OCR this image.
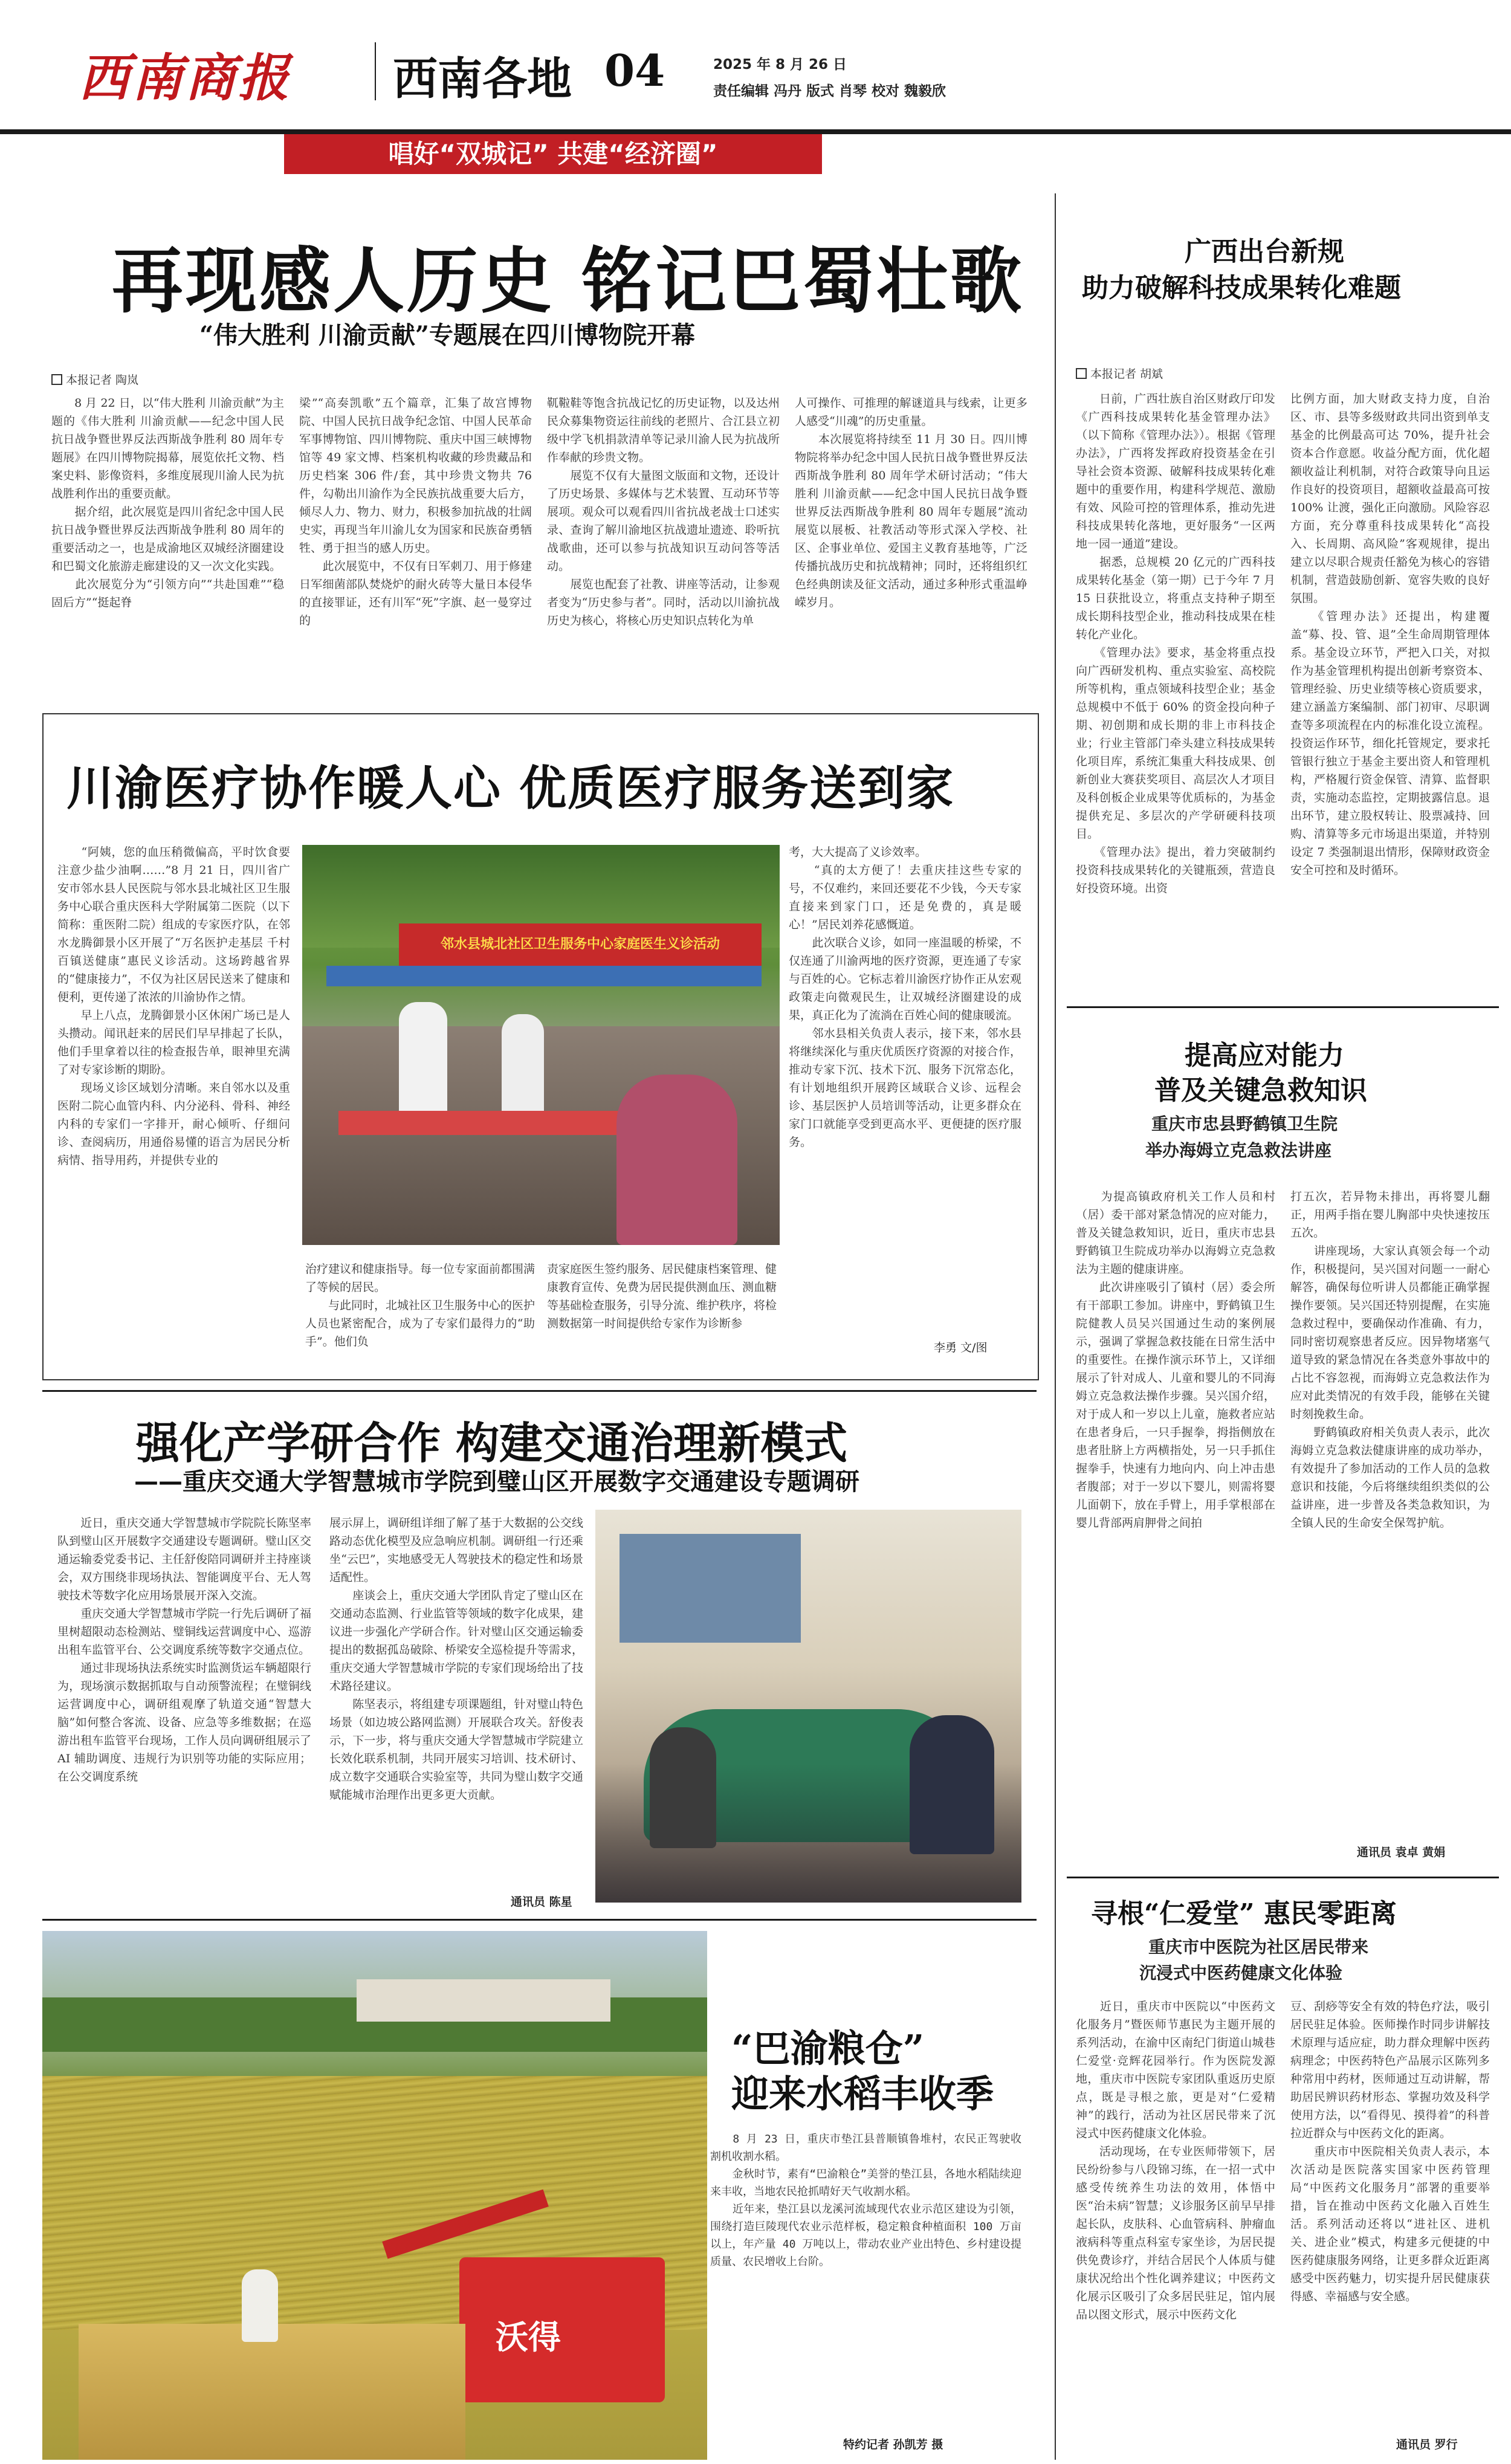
西南商报	西南各地 04	2025 年 8 月 26 日
责任编辑 冯丹 版式 肖琴 校对 魏毅欣
唱好“双城记” 共建“经济圈”
再现感人历史 铭记巴蜀壮歌
“伟大胜利 川渝贡献”专题展在四川博物院开幕
本报记者 陶岚

　　8 月 22 日，以“伟大胜利 川渝贡献”为主题的《伟大胜利 川渝贡献——纪念中国人民抗日战争暨世界反法西斯战争胜利 80 周年专题展》在四川博物院揭幕，展览依托文物、档案史料、影像资料，多维度展现川渝人民为抗战胜利作出的重要贡献。
　　据介绍，此次展览是四川省纪念中国人民抗日战争暨世界反法西斯战争胜利 80 周年的重要活动之一，也是成渝地区双城经济圈建设和巴蜀文化旅游走廊建设的又一次文化实践。
　　此次展览分为“引领方向”“共赴国难”“稳固后方”“挺起脊

梁”“高奏凯歌”五个篇章，汇集了故宫博物院、中国人民抗日战争纪念馆、中国人民革命军事博物馆、四川博物院、重庆中国三峡博物馆等 49 家文博、档案机构收藏的珍贵藏品和历史档案 306 件/套，其中珍贵文物共 76 件，勾勒出川渝作为全民族抗战重要大后方，倾尽人力、物力、财力，积极参加抗战的壮阔史实，再现当年川渝儿女为国家和民族奋勇牺牲、勇于担当的感人历史。
　　此次展览中，不仅有日军刺刀、用于修建日军细菌部队焚烧炉的耐火砖等大量日本侵华的直接罪证，还有川军“死”字旗、赵一曼穿过的

靰鞡鞋等饱含抗战记忆的历史证物，以及达州民众募集物资运往前线的老照片、合江县立初级中学飞机捐款清单等记录川渝人民为抗战所作奉献的珍贵文物。
　　展览不仅有大量图文版面和文物，还设计了历史场景、多媒体与艺术装置、互动环节等展项。观众可以观看四川省抗战老战士口述实录、查询了解川渝地区抗战遗址遗迹、聆听抗战歌曲，还可以参与抗战知识互动问答等活动。
　　展览也配套了社教、讲座等活动，让参观者变为“历史参与者”。同时，活动以川渝抗战历史为核心，将核心历史知识点转化为单

人可操作、可推理的解谜道具与线索，让更多人感受“川魂”的历史重量。
　　本次展览将持续至 11 月 30 日。四川博物院将举办纪念中国人民抗日战争暨世界反法西斯战争胜利 80 周年学术研讨活动；“伟大胜利 川渝贡献——纪念中国人民抗日战争暨世界反法西斯战争胜利 80 周年专题展”流动展览以展板、社教活动等形式深入学校、社区、企事业单位、爱国主义教育基地等，广泛传播抗战历史和抗战精神；同时，还将组织红色经典朗读及征文活动，通过多种形式重温峥嵘岁月。

川渝医疗协作暖人心 优质医疗服务送到家

　　“阿姨，您的血压稍微偏高，平时饮食要注意少盐少油啊……”8 月 21 日，四川省广安市邻水县人民医院与邻水县北城社区卫生服务中心联合重庆医科大学附属第二医院（以下简称：重医附二院）组成的专家医疗队，在邻水龙腾御景小区开展了“万名医护走基层 千村百镇送健康”惠民义诊活动。这场跨越省界的“健康接力”，不仅为社区居民送来了健康和便利，更传递了浓浓的川渝协作之情。
　　早上八点，龙腾御景小区休闲广场已是人头攒动。闻讯赶来的居民们早早排起了长队，他们手里拿着以往的检查报告单，眼神里充满了对专家诊断的期盼。
　　现场义诊区域划分清晰。来自邻水以及重医附二院心血管内科、内分泌科、骨科、神经内科的专家们一字排开，耐心倾听、仔细问诊、查阅病历，用通俗易懂的语言为居民分析病情、指导用药，并提供专业的

治疗建议和健康指导。每一位专家面前都围满了等候的居民。
　　与此同时，北城社区卫生服务中心的医护人员也紧密配合，成为了专家们最得力的“助手”。他们负

责家庭医生签约服务、居民健康档案管理、健康教育宣传、免费为居民提供测血压、测血糖等基础检查服务，引导分流、维护秩序，将检测数据第一时间提供给专家作为诊断参

考，大大提高了义诊效率。
　　“真的太方便了！去重庆挂这些专家的号，不仅难约，来回还要花不少钱，今天专家直接来到家门口，还是免费的，真是暖心！”居民刘养花感慨道。
　　此次联合义诊，如同一座温暖的桥梁，不仅连通了川渝两地的医疗资源，更连通了专家与百姓的心。它标志着川渝医疗协作正从宏观政策走向微观民生，让双城经济圈建设的成果，真正化为了流淌在百姓心间的健康暖流。
　　邻水县相关负责人表示，接下来，邻水县将继续深化与重庆优质医疗资源的对接合作，推动专家下沉、技术下沉、服务下沉常态化，有计划地组织开展跨区域联合义诊、远程会诊、基层医护人员培训等活动，让更多群众在家门口就能享受到更高水平、更便捷的医疗服务。

李勇 文/图
邻水县城北社区卫生服务中心家庭医生义诊活动
强化产学研合作 构建交通治理新模式
——重庆交通大学智慧城市学院到璧山区开展数字交通建设专题调研

　　近日，重庆交通大学智慧城市学院院长陈坚率队到璧山区开展数字交通建设专题调研。璧山区交通运输委党委书记、主任舒俊陪同调研并主持座谈会，双方围绕非现场执法、智能调度平台、无人驾驶技术等数字化应用场景展开深入交流。
　　重庆交通大学智慧城市学院一行先后调研了福里树超限动态检测站、璧铜线运营调度中心、巡游出租车监管平台、公交调度系统等数字交通点位。
　　通过非现场执法系统实时监测货运车辆超限行为，现场演示数据抓取与自动预警流程；在璧铜线运营调度中心，调研组观摩了轨道交通“智慧大脑”如何整合客流、设备、应急等多维数据；在巡游出租车监管平台现场，工作人员向调研组展示了 AI 辅助调度、违规行为识别等功能的实际应用；在公交调度系统

展示屏上，调研组详细了解了基于大数据的公交线路动态优化模型及应急响应机制。调研组一行还乘坐“云巴”，实地感受无人驾驶技术的稳定性和场景适配性。
　　座谈会上，重庆交通大学团队肯定了璧山区在交通动态监测、行业监管等领域的数字化成果，建议进一步强化产学研合作。针对璧山区交通运输委提出的数据孤岛破除、桥梁安全巡检提升等需求，重庆交通大学智慧城市学院的专家们现场给出了技术路径建议。
　　陈坚表示，将组建专项课题组，针对璧山特色场景（如边坡公路网监测）开展联合攻关。舒俊表示，下一步，将与重庆交通大学智慧城市学院建立长效化联系机制，共同开展实习培训、技术研讨、成立数字交通联合实验室等，共同为璧山数字交通赋能城市治理作出更多更大贡献。

通讯员 陈星
沃得
“巴渝粮仓”
迎来水稻丰收季

　　8 月 23 日，重庆市垫江县普顺镇鲁堆村，农民正驾驶收割机收割水稻。
　　金秋时节，素有“巴渝粮仓”美誉的垫江县，各地水稻陆续迎来丰收，当地农民抢抓晴好天气收割水稻。
　　近年来，垫江县以龙溪河流域现代农业示范区建设为引领，围绕打造巨陵现代农业示范样板，稳定粮食种植面积 100 万亩以上，年产量 40 万吨以上，带动农业产业出特色、乡村建设提质量、农民增收上台阶。

特约记者 孙凯芳 摄
广西出台新规
助力破解科技成果转化难题
本报记者 胡斌

　　日前，广西壮族自治区财政厅印发《广西科技成果转化基金管理办法》（以下简称《管理办法》）。根据《管理办法》，广西将发挥政府投资基金在引导社会资本资源、破解科技成果转化难题中的重要作用，构建科学规范、激励有效、风险可控的管理体系，推动先进科技成果转化落地，更好服务“一区两地一园一通道”建设。
　　据悉，总规模 20 亿元的广西科技成果转化基金（第一期）已于今年 7 月 15 日获批设立，将重点支持种子期至成长期科技型企业，推动科技成果在桂转化产业化。
　　《管理办法》要求，基金将重点投向广西研发机构、重点实验室、高校院所等机构，重点领域科技型企业；基金总规模中不低于 60% 的资金投向种子期、初创期和成长期的非上市科技企业；行业主管部门牵头建立科技成果转化项目库，系统汇集重大科技成果、创新创业大赛获奖项目、高层次人才项目及科创板企业成果等优质标的，为基金提供充足、多层次的产学研硬科技项目。
　　《管理办法》提出，着力突破制约投资科技成果转化的关键瓶颈，营造良好投资环境。出资

比例方面，加大财政支持力度，自治区、市、县等多级财政共同出资到单支基金的比例最高可达 70%，提升社会资本合作意愿。收益分配方面，优化超额收益让利机制，对符合政策导向且运作良好的投资项目，超额收益最高可按 100% 让渡，强化正向激励。风险容忍方面，充分尊重科技成果转化“高投入、长周期、高风险”客观规律，提出建立以尽职合规责任豁免为核心的容错机制，营造鼓励创新、宽容失败的良好氛围。
　　《管理办法》还提出，构建覆盖“募、投、管、退”全生命周期管理体系。基金设立环节，严把入口关，对拟作为基金管理机构提出创新考察资本、管理经验、历史业绩等核心资质要求，建立涵盖方案编制、部门初审、尽职调查等多项流程在内的标准化设立流程。投资运作环节，细化托管规定，要求托管银行独立于基金主要出资人和管理机构，严格履行资金保管、清算、监督职责，实施动态监控，定期披露信息。退出环节，建立股权转让、股票减持、回购、清算等多元市场退出渠道，并特别设定 7 类强制退出情形，保障财政资金安全可控和及时循环。

提高应对能力
普及关键急救知识
重庆市忠县野鹤镇卫生院
举办海姆立克急救法讲座

　　为提高镇政府机关工作人员和村（居）委干部对紧急情况的应对能力，普及关键急救知识，近日，重庆市忠县野鹤镇卫生院成功举办以海姆立克急救法为主题的健康讲座。
　　此次讲座吸引了镇村（居）委会所有干部职工参加。讲座中，野鹤镇卫生院健教人员吴兴国通过生动的案例展示，强调了掌握急救技能在日常生活中的重要性。在操作演示环节上，又详细展示了针对成人、儿童和婴儿的不同海姆立克急救法操作步骤。吴兴国介绍，对于成人和一岁以上儿童，施救者应站在患者身后，一只手握拳，拇指侧放在患者肚脐上方两横指处，另一只手抓住握拳手，快速有力地向内、向上冲击患者腹部；对于一岁以下婴儿，则需将婴儿面朝下，放在手臂上，用手掌根部在婴儿背部两肩胛骨之间拍

打五次，若异物未排出，再将婴儿翻正，用两手指在婴儿胸部中央快速按压五次。
　　讲座现场，大家认真领会每一个动作，积极提问，吴兴国对问题一一耐心解答，确保每位听讲人员都能正确掌握操作要领。吴兴国还特别提醒，在实施急救过程中，要确保动作准确、有力，同时密切观察患者反应。因异物堵塞气道导致的紧急情况在各类意外事故中的占比不容忽视，而海姆立克急救法作为应对此类情况的有效手段，能够在关键时刻挽救生命。
　　野鹤镇政府相关负责人表示，此次海姆立克急救法健康讲座的成功举办，有效提升了参加活动的工作人员的急救意识和技能，今后将继续组织类似的公益讲座，进一步普及各类急救知识，为全镇人民的生命安全保驾护航。

通讯员 袁卓 黄娟
寻根“仁爱堂” 惠民零距离
重庆市中医院为社区居民带来
沉浸式中医药健康文化体验

　　近日，重庆市中医院以“中医药文化服务月”暨医师节惠民为主题开展的系列活动，在渝中区南纪门街道山城巷仁爱堂·竞辉花园举行。作为医院发源地，重庆市中医院专家团队重返历史原点，既是寻根之旅，更是对“仁爱精神”的践行，活动为社区居民带来了沉浸式中医药健康文化体验。
　　活动现场，在专业医师带领下，居民纷纷参与八段锦习练，在一招一式中感受传统养生功法的效用，体悟中医“治未病”智慧；义诊服务区前早早排起长队，皮肤科、心血管病科、肿瘤血液病科等重点科室专家坐诊，为居民提供免费诊疗，并结合居民个人体质与健康状况给出个性化调养建议；中医药文化展示区吸引了众多居民驻足，馆内展品以图文形式，展示中医药文化

豆、刮痧等安全有效的特色疗法，吸引居民驻足体验。医师操作时同步讲解技术原理与适应症，助力群众理解中医药病理念；中医药特色产品展示区陈列多种常用中药材，医师通过互动讲解，帮助居民辨识药材形态、掌握功效及科学使用方法，以“看得见、摸得着”的科普拉近群众与中医药文化的距离。
　　重庆市中医院相关负责人表示，本次活动是医院落实国家中医药管理局“中医药文化服务月”部署的重要举措，旨在推动中医药文化融入百姓生活。系列活动还将以“进社区、进机关、进企业”模式，构建多元便捷的中医药健康服务网络，让更多群众近距离感受中医药魅力，切实提升居民健康获得感、幸福感与安全感。

通讯员 罗行
